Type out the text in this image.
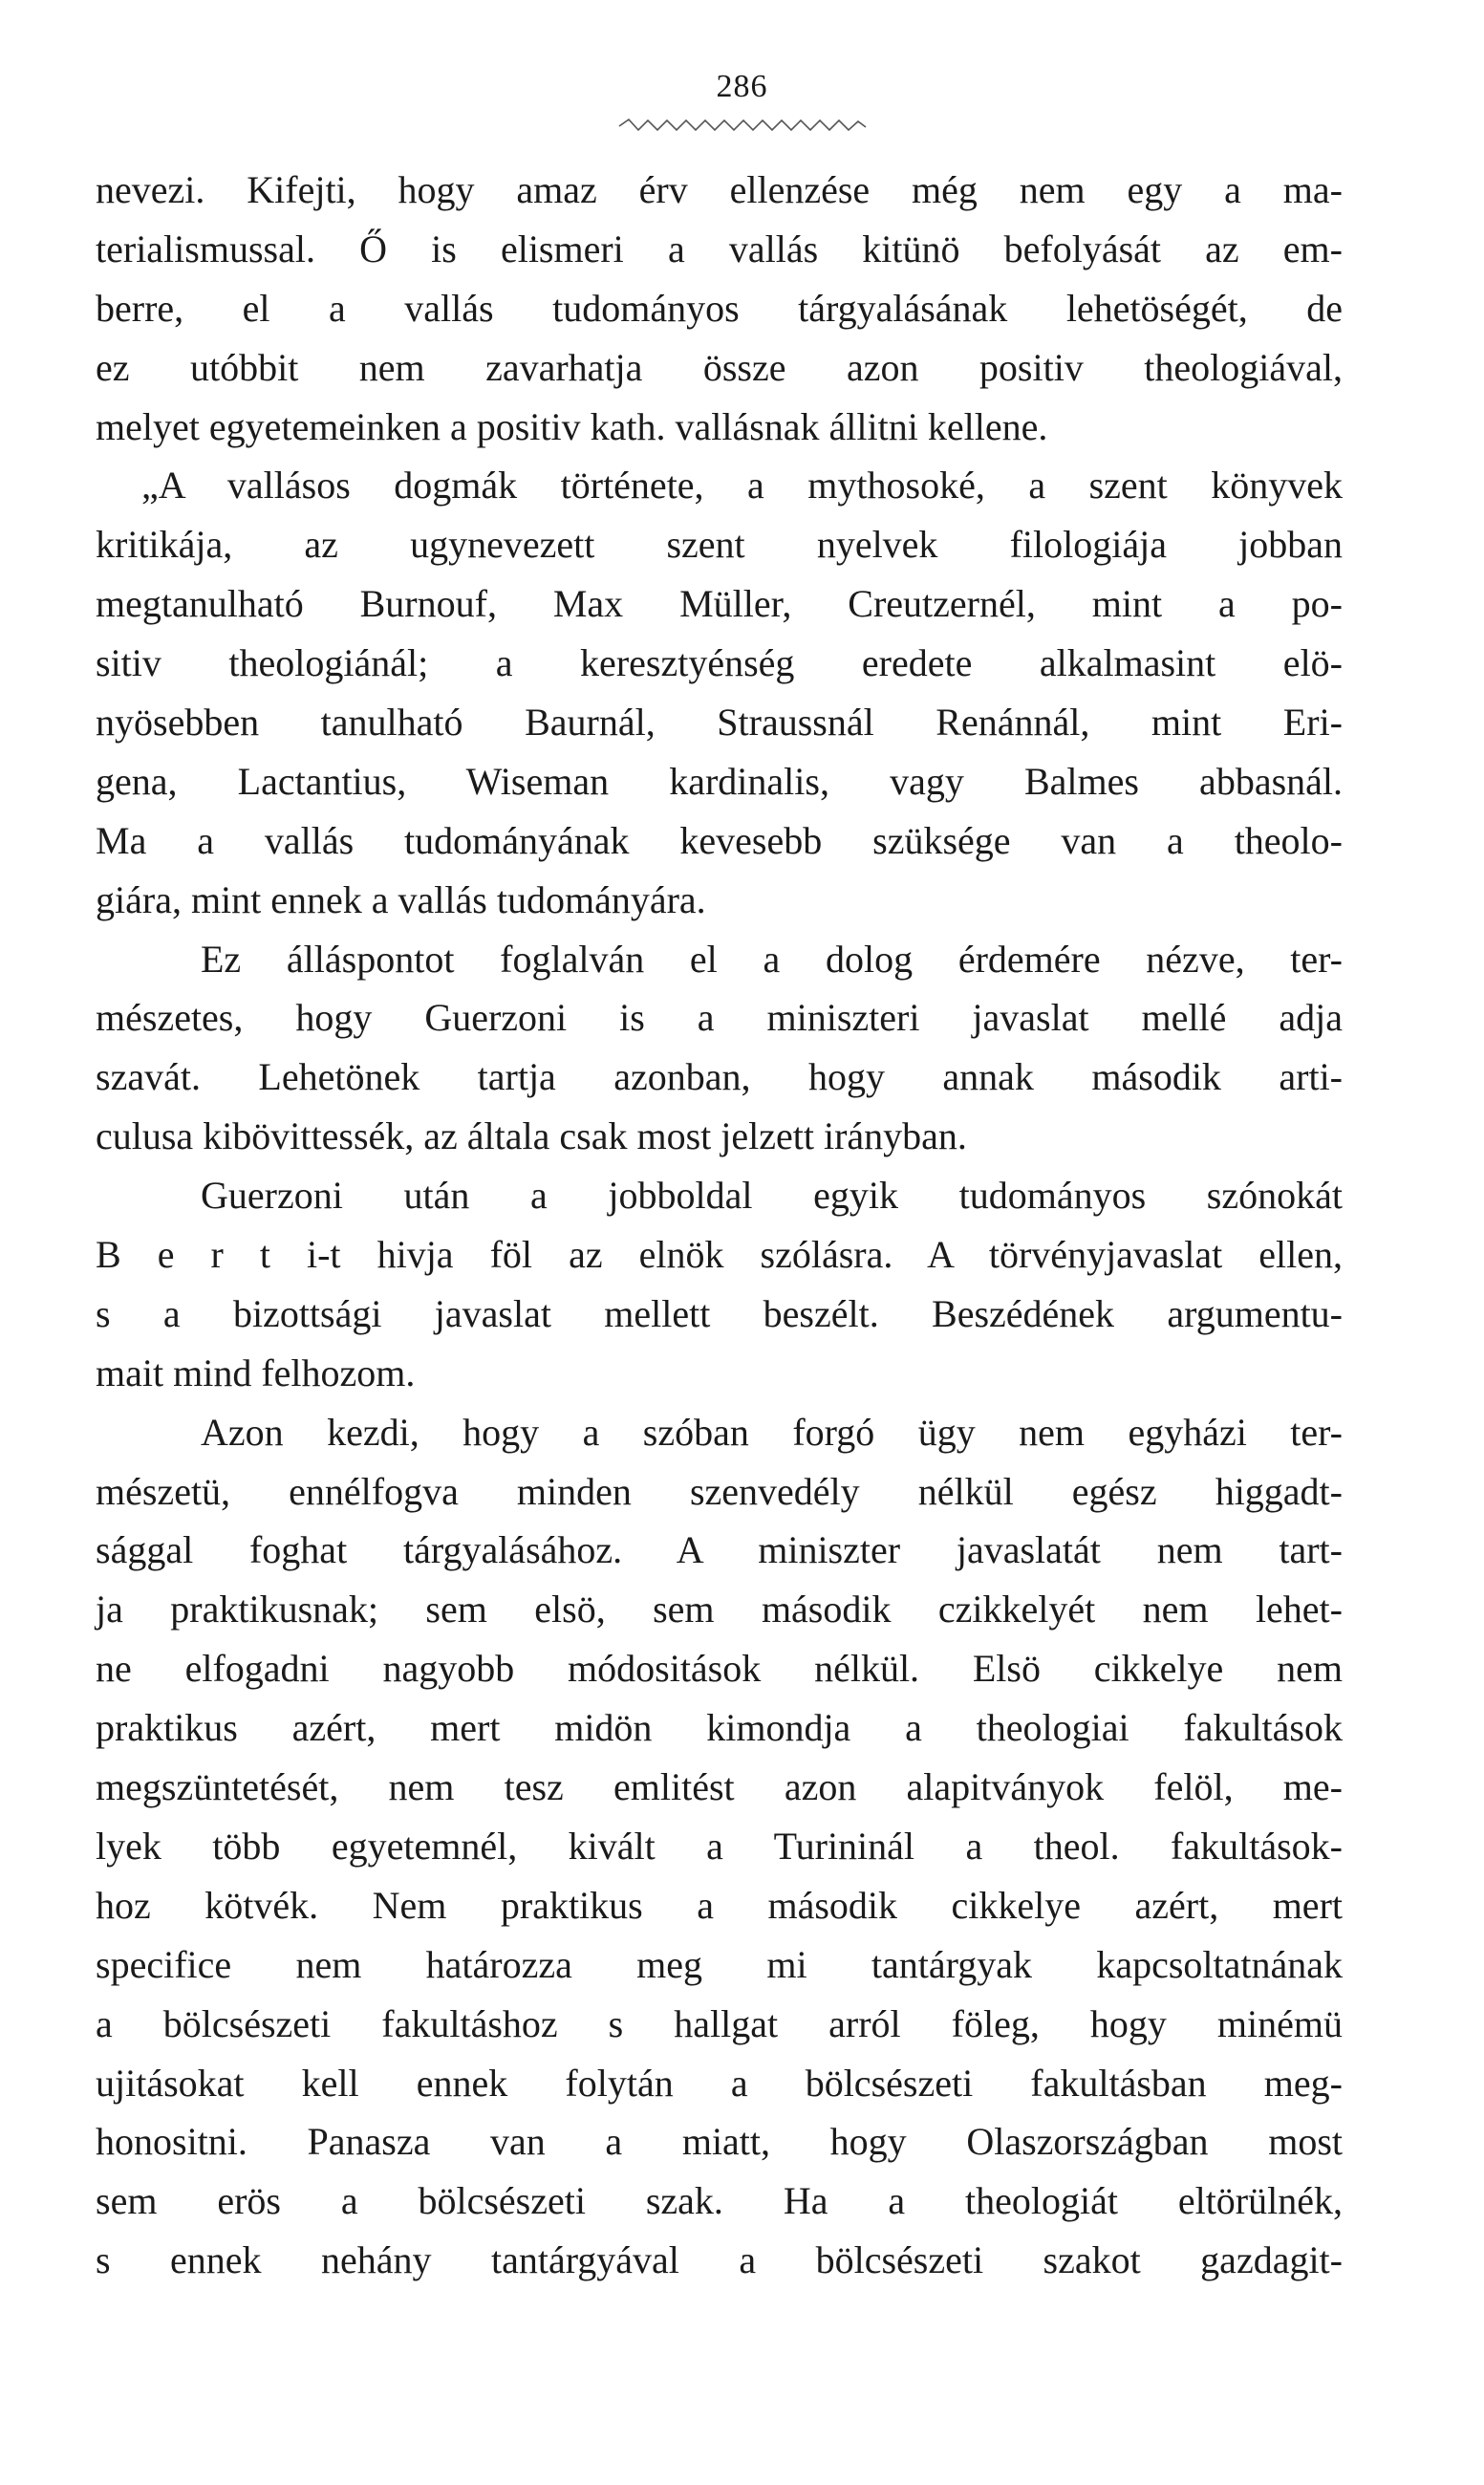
286
nevezi. Kifejti, hogy amaz érv ellenzése még nem egy a ma-
terialismussal. Ő is elismeri a vallás kitünö befolyását az em-
berre, el a vallás tudományos tárgyalásának lehetöségét, de
ez utóbbit nem zavarhatja össze azon positiv theologiával,
melyet egyetemeinken a positiv kath. vallásnak állitni kellene.
„A vallásos dogmák története, a mythosoké, a szent könyvek
kritikája, az ugynevezett szent nyelvek filologiája jobban
megtanulható Burnouf, Max Müller, Creutzernél, mint a po-
sitiv theologiánál; a keresztyénség eredete alkalmasint elö-
nyösebben tanulható Baurnál, Straussnál Renánnál, mint Eri-
gena, Lactantius, Wiseman kardinalis, vagy Balmes abbasnál.
Ma a vallás tudományának kevesebb szüksége van a theolo-
giára, mint ennek a vallás tudományára.
Ez álláspontot foglalván el a dolog érdemére nézve, ter-
mészetes, hogy Guerzoni is a miniszteri javaslat mellé adja
szavát. Lehetönek tartja azonban, hogy annak második arti-
culusa kibövittessék, az általa csak most jelzett irányban.
Guerzoni után a jobboldal egyik tudományos szónokát
B e r t i-t hivja föl az elnök szólásra. A törvényjavaslat ellen,
s a bizottsági javaslat mellett beszélt. Beszédének argumentu-
mait mind felhozom.
Azon kezdi, hogy a szóban forgó ügy nem egyházi ter-
mészetü, ennélfogva minden szenvedély nélkül egész higgadt-
sággal foghat tárgyalásához. A miniszter javaslatát nem tart-
ja praktikusnak; sem elsö, sem második czikkelyét nem lehet-
ne elfogadni nagyobb módositások nélkül. Elsö cikkelye nem
praktikus azért, mert midön kimondja a theologiai fakultások
megszüntetését, nem tesz emlitést azon alapitványok felöl, me-
lyek több egyetemnél, kivált a Turininál a theol. fakultások-
hoz kötvék. Nem praktikus a második cikkelye azért, mert
specifice nem határozza meg mi tantárgyak kapcsoltatnának
a bölcsészeti fakultáshoz s hallgat arról föleg, hogy minémü
ujitásokat kell ennek folytán a bölcsészeti fakultásban meg-
honositni. Panasza van a miatt, hogy Olaszországban most
sem erös a bölcsészeti szak. Ha a theologiát eltörülnék,
s ennek nehány tantárgyával a bölcsészeti szakot gazdagit-
